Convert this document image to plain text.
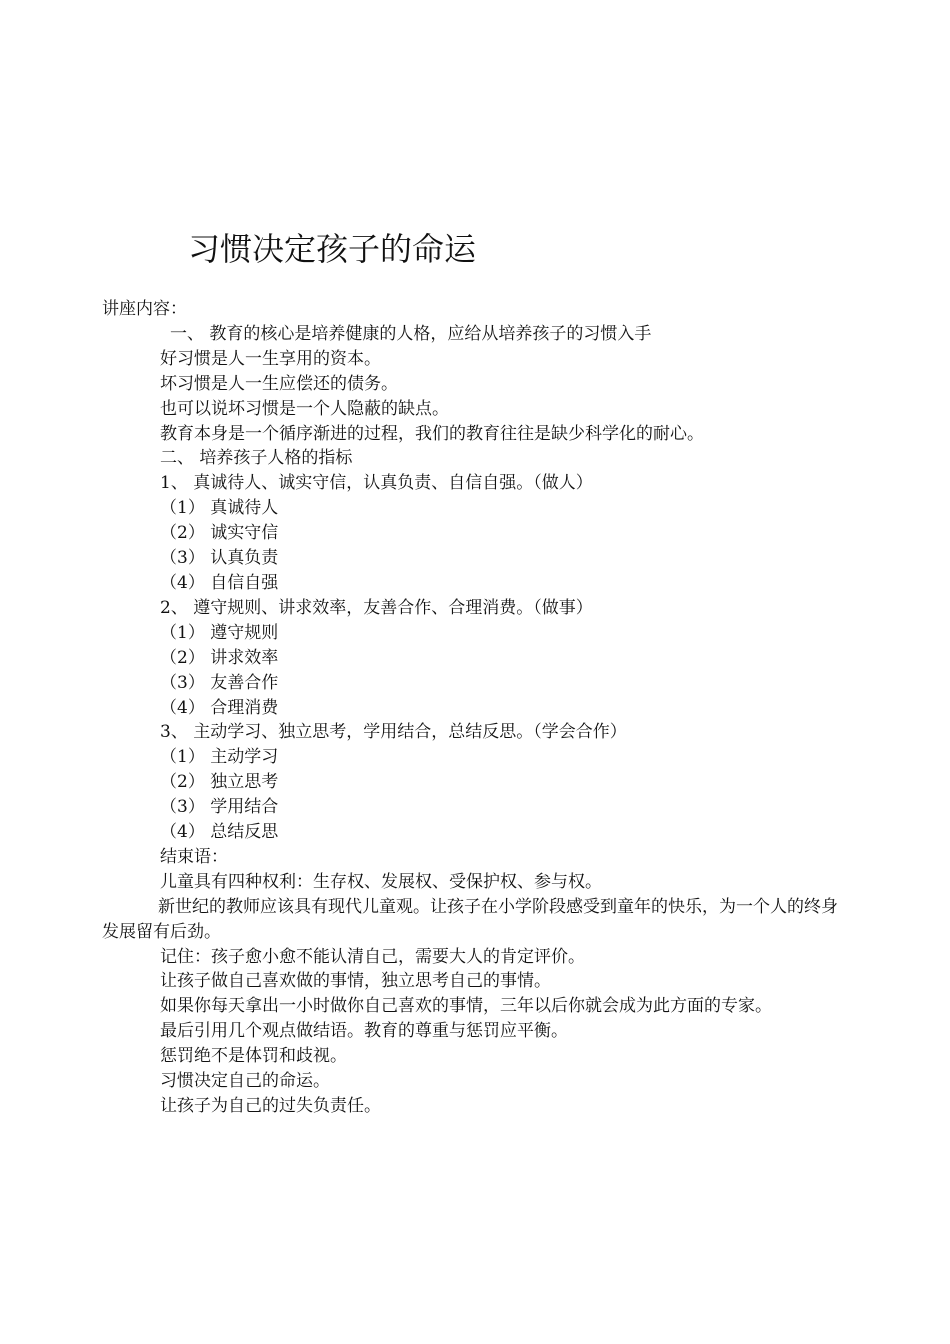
习惯决定孩子的命运

讲座内容：

一、 教育的核心是培养健康的人格，应给从培养孩子的习惯入手

好习惯是人一生享用的资本。

坏习惯是人一生应偿还的债务。

也可以说坏习惯是一个人隐蔽的缺点。

教育本身是一个循序渐进的过程，我们的教育往往是缺少科学化的耐心。

二、 培养孩子人格的指标

1、 真诚待人、诚实守信，认真负责、自信自强。（做人）

（1） 真诚待人

（2） 诚实守信

（3） 认真负责

（4） 自信自强

2、 遵守规则、讲求效率，友善合作、合理消费。（做事）

（1） 遵守规则

（2） 讲求效率

（3） 友善合作

（4） 合理消费

3、 主动学习、独立思考，学用结合，总结反思。（学会合作）

（1） 主动学习

（2） 独立思考

（3） 学用结合

（4） 总结反思

结束语：

儿童具有四种权利：生存权、发展权、受保护权、参与权。

新世纪的教师应该具有现代儿童观。让孩子在小学阶段感受到童年的快乐，为一个人的终身发展留有后劲。

记住：孩子愈小愈不能认清自己，需要大人的肯定评价。

让孩子做自己喜欢做的事情，独立思考自己的事情。

如果你每天拿出一小时做你自己喜欢的事情，三年以后你就会成为此方面的专家。

最后引用几个观点做结语。教育的尊重与惩罚应平衡。

惩罚绝不是体罚和歧视。

习惯决定自己的命运。

让孩子为自己的过失负责任。
